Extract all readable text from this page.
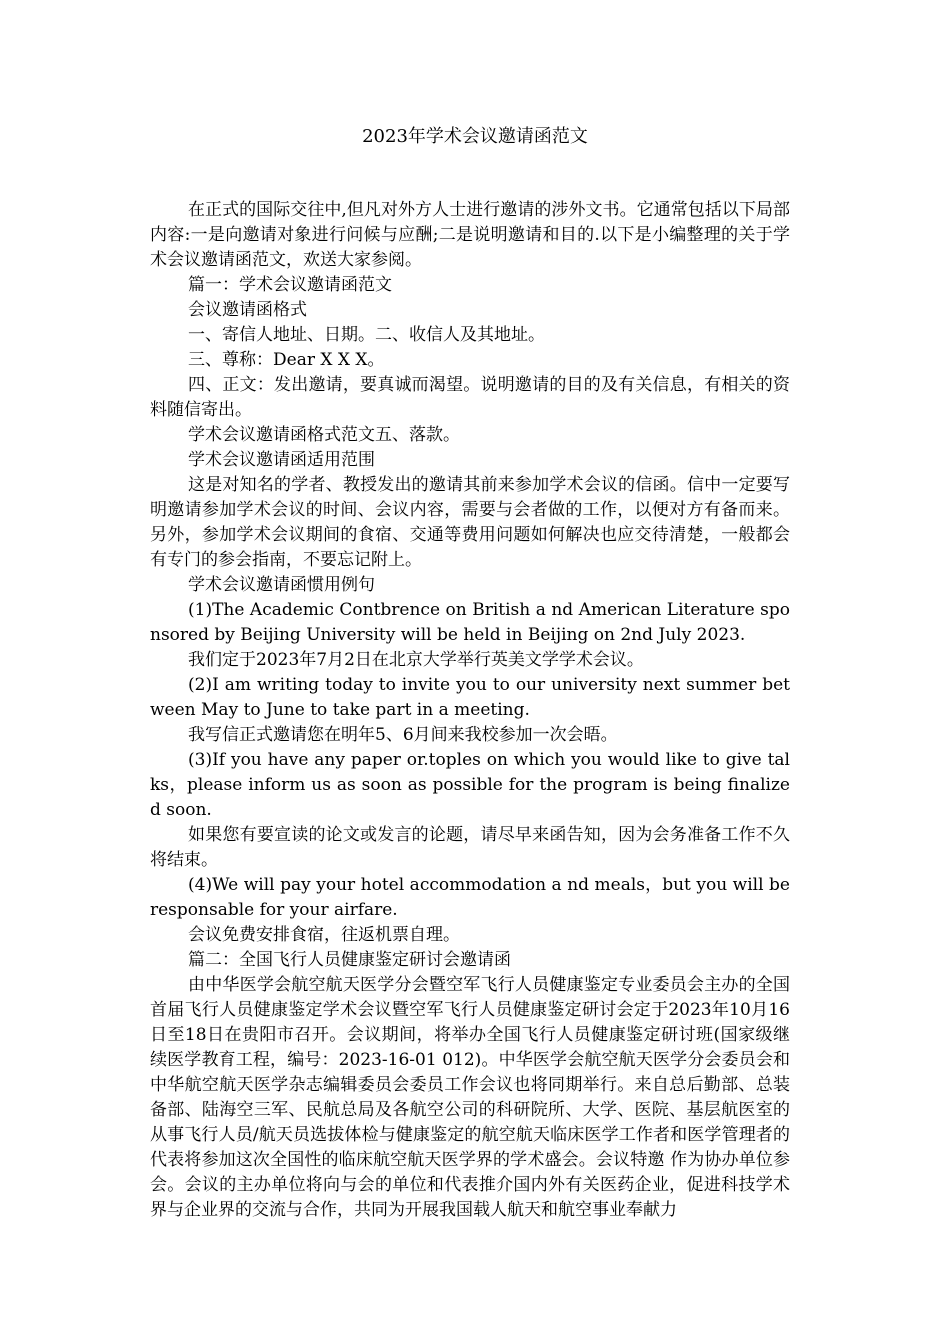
2023年学术会议邀请函范文

在正式的国际交往中,但凡对外方人士进行邀请的涉外文书。它通常包括以下局部内容:一是向邀请对象进行问候与应酬;二是说明邀请和目的.以下是小编整理的关于学术会议邀请函范文，欢送大家参阅。

篇一：学术会议邀请函范文

会议邀请函格式

一、寄信人地址、日期。二、收信人及其地址。

三、尊称：Dear X X X。

四、正文：发出邀请，要真诚而渴望。说明邀请的目的及有关信息，有相关的资料随信寄出。

学术会议邀请函格式范文五、落款。

学术会议邀请函适用范围

这是对知名的学者、教授发出的邀请其前来参加学术会议的信函。信中一定要写明邀请参加学术会议的时间、会议内容，需要与会者做的工作，以便对方有备而来。另外，参加学术会议期间的食宿、交通等费用问题如何解决也应交待清楚，一般都会有专门的参会指南，不要忘记附上。

学术会议邀请函惯用例句

(1)The Academic Contbrence on British a nd American Literature sponsored by Beijing University will be held in Beijing on 2nd July 2023.

我们定于2023年7月2日在北京大学举行英美文学学术会议。

(2)I am writing today to invite you to our university next summer between May to June to take part in a meeting.

我写信正式邀请您在明年5、6月间来我校参加一次会晤。

(3)If you have any paper or.toples on which you would like to give talks，please inform us as soon as possible for the program is being finalized soon.

如果您有要宣读的论文或发言的论题，请尽早来函告知，因为会务准备工作不久将结束。

(4)We will pay your hotel accommodation a nd meals，but you will be responsable for your airfare.

会议免费安排食宿，往返机票自理。

篇二：全国飞行人员健康鉴定研讨会邀请函

由中华医学会航空航天医学分会暨空军飞行人员健康鉴定专业委员会主办的全国首届飞行人员健康鉴定学术会议暨空军飞行人员健康鉴定研讨会定于2023年10月16日至18日在贵阳市召开。会议期间，将举办全国飞行人员健康鉴定研讨班(国家级继续医学教育工程，编号：2023-16-01 012)。中华医学会航空航天医学分会委员会和中华航空航天医学杂志编辑委员会委员工作会议也将同期举行。来自总后勤部、总装备部、陆海空三军、民航总局及各航空公司的科研院所、大学、医院、基层航医室的从事飞行人员/航天员选拔体检与健康鉴定的航空航天临床医学工作者和医学管理者的代表将参加这次全国性的临床航空航天医学界的学术盛会。会议特邀 作为协办单位参会。会议的主办单位将向与会的单位和代表推介国内外有关医药企业，促进科技学术界与企业界的交流与合作，共同为开展我国载人航天和航空事业奉献力
